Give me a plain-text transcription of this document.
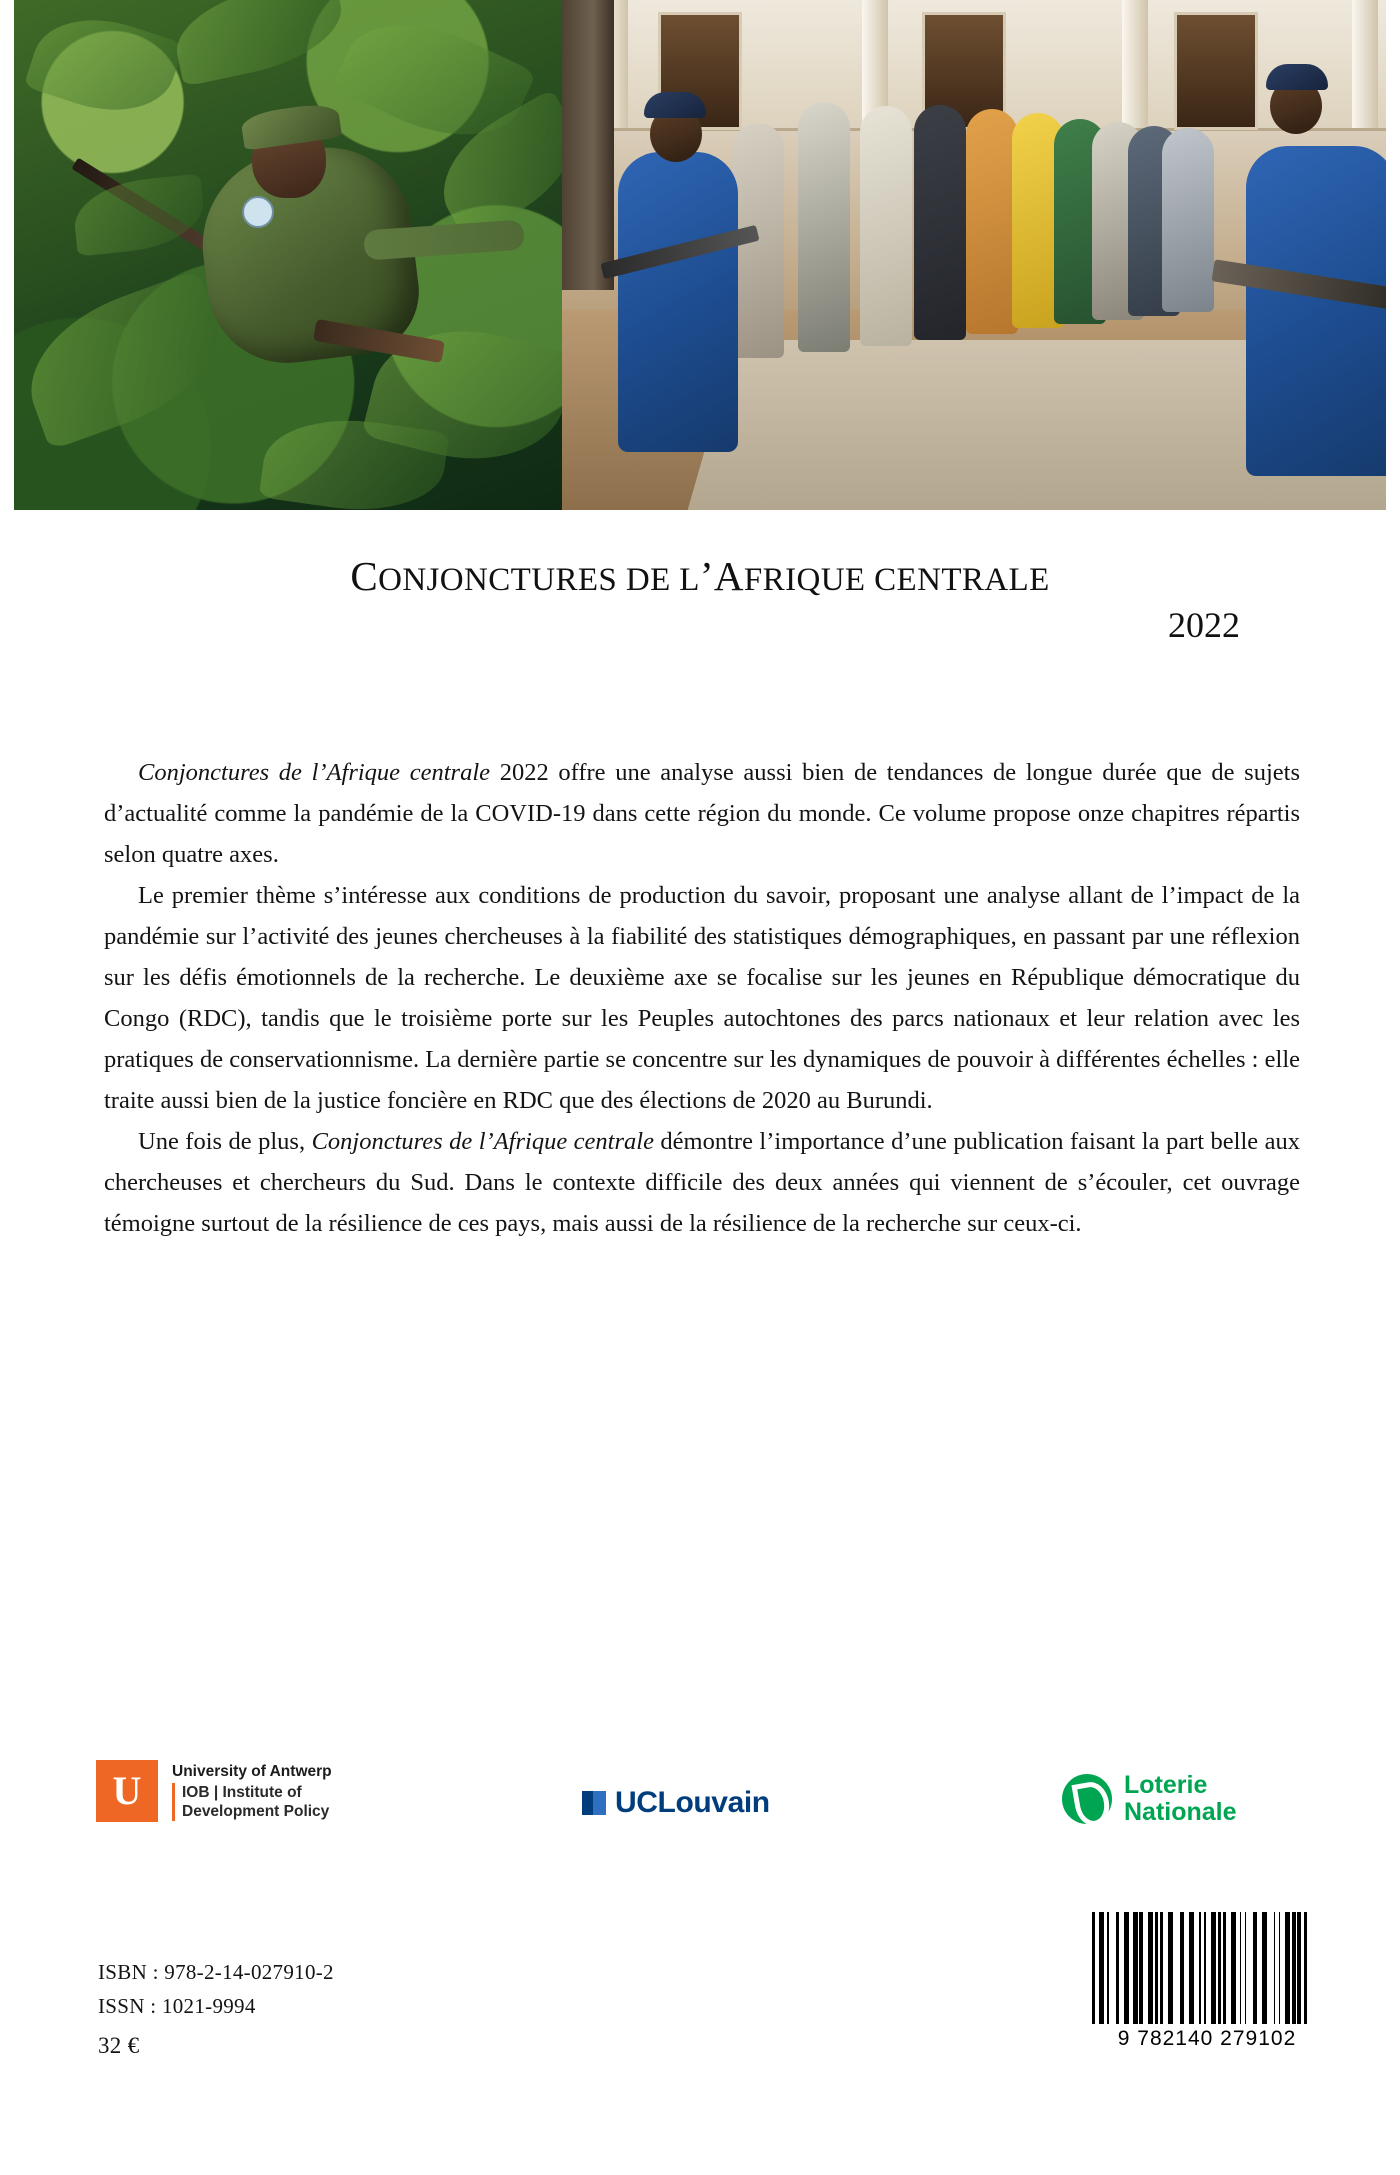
CONJONCTURES DE L’AFRIQUE CENTRALE
2022

Conjonctures de l’Afrique centrale 2022 offre une analyse aussi bien de tendances de longue durée que de sujets d’actualité comme la pandémie de la COVID-19 dans cette région du monde. Ce volume propose onze chapitres répartis selon quatre axes.

Le premier thème s’intéresse aux conditions de production du savoir, proposant une analyse allant de l’impact de la pandémie sur l’activité des jeunes chercheuses à la fiabilité des statistiques démographiques, en passant par une réflexion sur les défis émotionnels de la recherche. Le deuxième axe se focalise sur les jeunes en République démocratique du Congo (RDC), tandis que le troisième porte sur les Peuples autochtones des parcs nationaux et leur relation avec les pratiques de conservationnisme. La dernière partie se concentre sur les dynamiques de pouvoir à différentes échelles : elle traite aussi bien de la justice foncière en RDC que des élections de 2020 au Burundi.

Une fois de plus, Conjonctures de l’Afrique centrale démontre l’importance d’une publication faisant la part belle aux chercheuses et chercheurs du Sud. Dans le contexte difficile des deux années qui viennent de s’écouler, cet ouvrage témoigne surtout de la résilience de ces pays, mais aussi de la résilience de la recherche sur ceux-ci.

U University of Antwerp
IOB | Institute of
Development Policy	UCLouvain
Loterie
Nationale
ISBN : 978-2-14-027910-2
ISSN : 1021-9994
32 €	9 782140 279102
